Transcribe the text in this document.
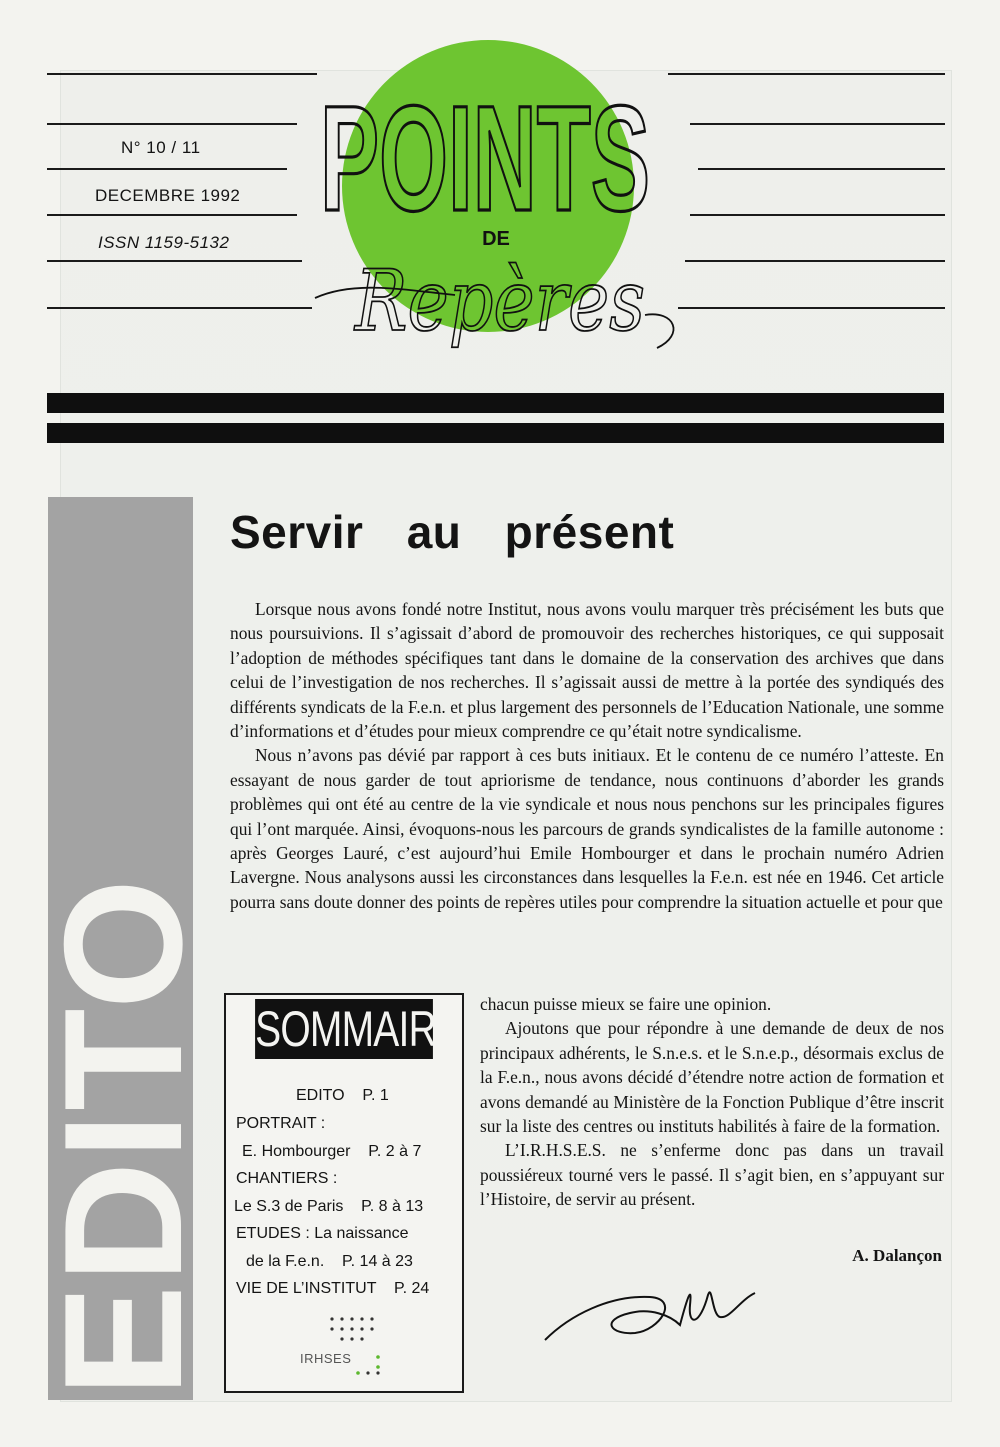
N° 10 / 11
DECEMBRE 1992
ISSN 1159-5132
POINTS
DE
Repères
EDITO
Servir au présent

Lorsque nous avons fondé notre Institut, nous avons voulu marquer très précisément les buts que nous poursuivions. Il s’agissait d’abord de promouvoir des recherches historiques, ce qui supposait l’adoption de méthodes spécifiques tant dans le domaine de la conservation des archives que dans celui de l’investigation de nos recherches. Il s’agissait aussi de mettre à la portée des syndiqués des différents syndicats de la F.e.n. et plus largement des personnels de l’Education Nationale, une somme d’informations et d’études pour mieux comprendre ce qu’était notre syndicalisme.

Nous n’avons pas dévié par rapport à ces buts initiaux. Et le contenu de ce numéro l’atteste. En essayant de nous garder de tout apriorisme de tendance, nous continuons d’aborder les grands problèmes qui ont été au centre de la vie syndicale et nous nous penchons sur les principales figures qui l’ont marquée. Ainsi, évoquons-nous les parcours de grands syndicalistes de la famille autonome : après Georges Lauré, c’est aujourd’hui Emile Hombourger et dans le prochain numéro Adrien Lavergne. Nous analysons aussi les circonstances dans lesquelles la F.e.n. est née en 1946. Cet article pourra sans doute donner des points de repères utiles pour comprendre la situation actuelle et pour que

chacun puisse mieux se faire une opinion.

Ajoutons que pour répondre à une demande de deux de nos principaux adhérents, le S.n.e.s. et le S.n.e.p., désormais exclus de la F.e.n., nous avons décidé d’étendre notre action de formation et avons demandé au Ministère de la Fonction Publique d’être inscrit sur la liste des centres ou instituts habilités à faire de la formation.

L’I.R.H.S.E.S. ne s’enferme donc pas dans un travail poussiéreux tourné vers le passé. Il s’agit bien, en s’appuyant sur l’Histoire, de servir au présent.

A. Dalançon
SOMMAIRE
EDITO    P. 1
PORTRAIT :
E. Hombourger    P. 2 à 7
CHANTIERS :
Le S.3 de Paris    P. 8 à 13
ETUDES : La naissance
de la F.e.n.    P. 14 à 23
VIE DE L’INSTITUT    P. 24
IRHSES
